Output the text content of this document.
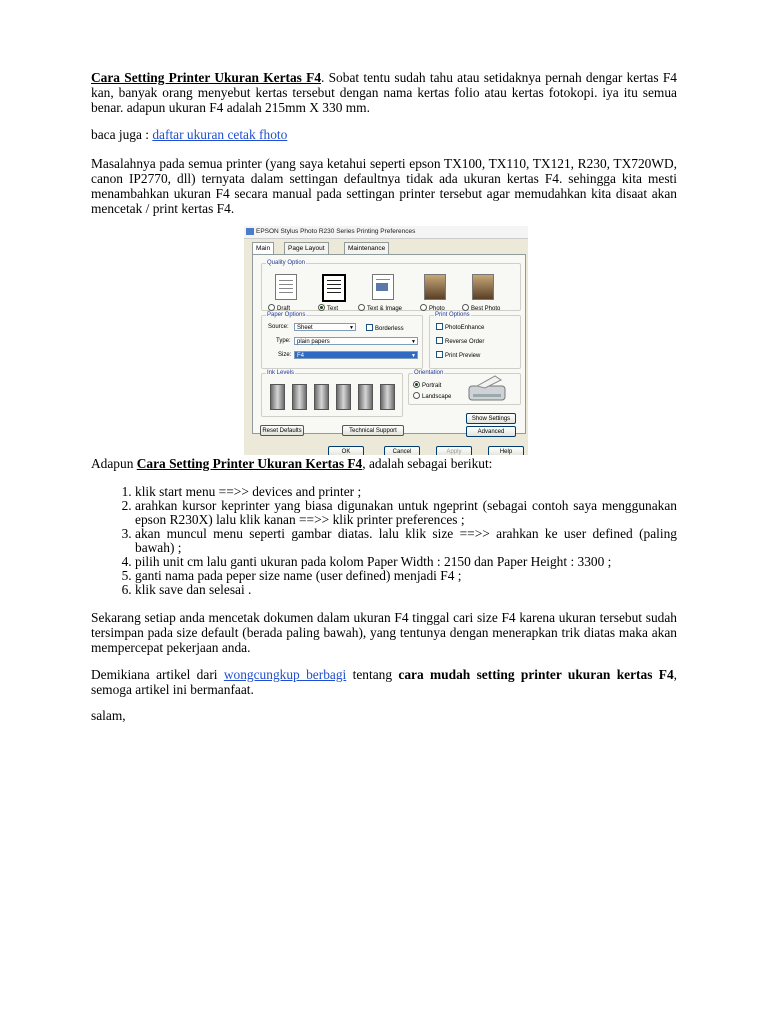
Cara Setting Printer Ukuran Kertas F4. Sobat tentu sudah tahu atau setidaknya pernah dengar kertas F4 kan, banyak orang menyebut kertas tersebut dengan nama kertas folio atau kertas fotokopi. iya itu semua benar. adapun ukuran F4 adalah 215mm X 330 mm.

baca juga : daftar ukuran cetak fhoto

Masalahnya pada semua printer (yang saya ketahui seperti epson TX100, TX110, TX121, R230, TX720WD, canon IP2770, dll) ternyata dalam settingan defaultnya tidak ada ukuran kertas F4. sehingga kita mesti menambahkan ukuran F4 secara manual pada settingan printer tersebut agar memudahkan kita disaat akan mencetak / print kertas F4.

EPSON Stylus Photo R230 Series Printing Preferences
Main	Page Layout	Maintenance
Quality Option
Draft	Text	Text & Image	Photo	Best Photo
Paper Options
Source:	Sheet	▼	Borderless
Type:	plain papers	▼
Size: F4	▼
Print Options
PhotoEnhance
Reverse Order
Print Preview
Ink Levels	Orientation
Portrait
Landscape
Show Settings
Advanced
Reset Defaults	Technical Support
OK	Cancel	Apply	Help

Adapun Cara Setting Printer Ukuran Kertas F4, adalah sebagai berikut:

1. klik start menu ==>> devices and printer ;
2. arahkan kursor keprinter yang biasa digunakan untuk ngeprint (sebagai contoh saya menggunakan epson R230X) lalu klik kanan ==>> klik printer preferences ;
3. akan muncul menu seperti gambar diatas. lalu klik size ==>> arahkan ke user defined (paling bawah) ;
4. pilih unit cm lalu ganti ukuran pada kolom Paper Width : 2150 dan Paper Height : 3300 ;
5. ganti nama pada peper size name (user defined) menjadi F4 ;
6. klik save dan selesai .

Sekarang setiap anda mencetak dokumen dalam ukuran F4 tinggal cari size F4 karena ukuran tersebut sudah tersimpan pada size default (berada paling bawah), yang tentunya dengan menerapkan trik diatas maka akan mempercepat pekerjaan anda.

Demikiana artikel dari wongcungkup berbagi tentang cara mudah setting printer ukuran kertas F4, semoga artikel ini bermanfaat.

salam,
